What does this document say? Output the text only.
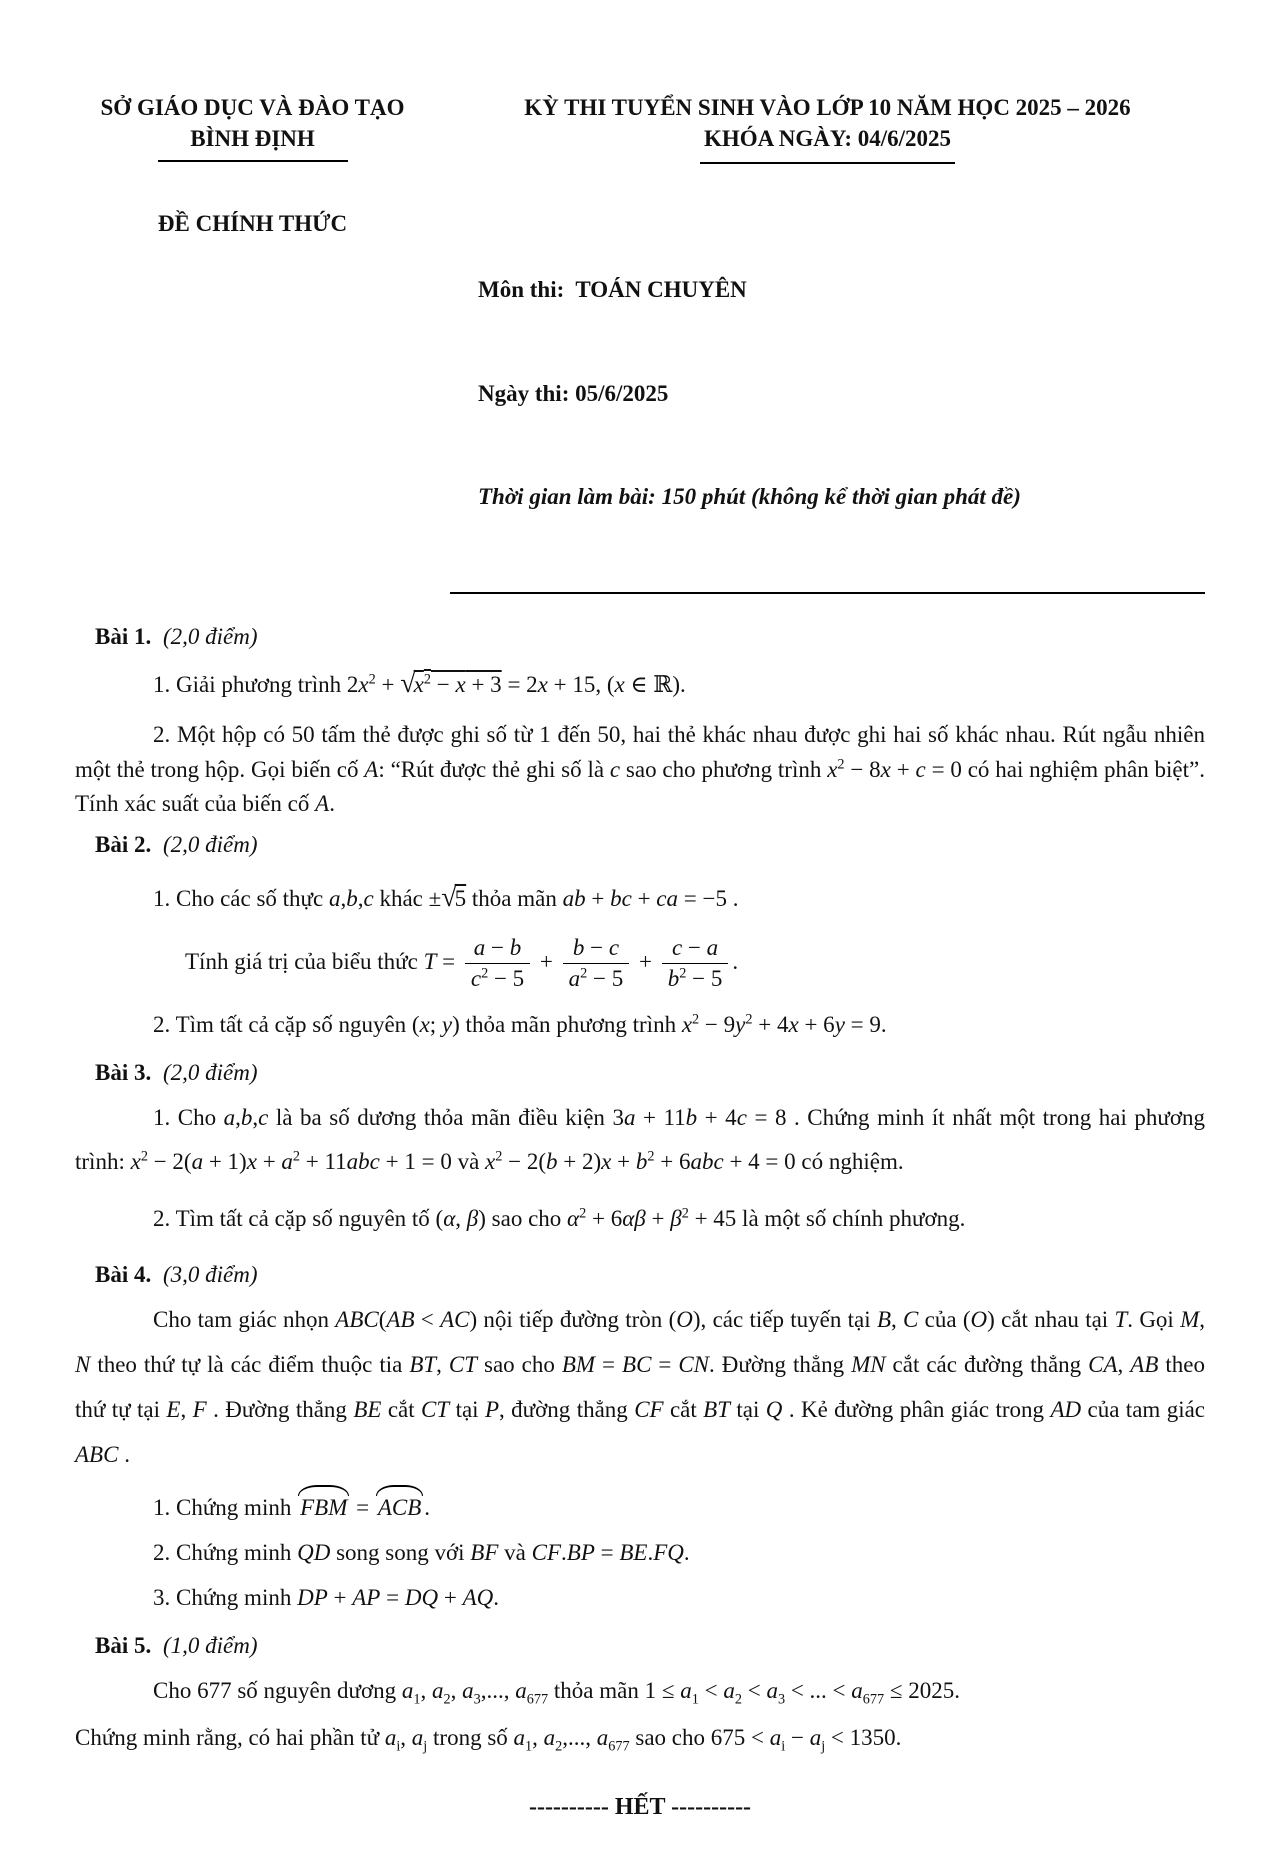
SỞ GIÁO DỤC VÀ ĐÀO TẠO
BÌNH ĐỊNH
ĐỀ CHÍNH THỨC
KỲ THI TUYỂN SINH VÀO LỚP 10 NĂM HỌC 2025 – 2026
KHÓA NGÀY: 04/6/2025

Môn thi:  TOÁN CHUYÊN

Ngày thi: 05/6/2025

Thời gian làm bài: 150 phút (không kể thời gian phát đề)

Bài 1. (2,0 điểm)
1. Giải phương trình $2x^2 + √x^2 - x + 3 = 2x + 15$, (x ∈ ℝ).
2. Một hộp có 50 tấm thẻ được ghi số từ 1 đến 50, hai thẻ khác nhau được ghi hai số khác nhau. Rút ngẫu nhiên một thẻ trong hộp. Gọi biến cố A: “Rút được thẻ ghi số là c sao cho phương trình $x^2 - 8x + c = 0$ có hai nghiệm phân biệt”. Tính xác suất của biến cố A.
Bài 2. (2,0 điểm)
1. Cho các số thực a,b,c khác ±√5 thỏa mãn ab + bc + ca = −5 .
Tính giá trị của biểu thức $T = \frac{a - b}{c^2 - 5} + \frac{b - c}{a^2 - 5} + \frac{c - a}{b^2 - 5}$ .
2. Tìm tất cả cặp số nguyên (x; y) thỏa mãn phương trình $x^2 - 9y^2 + 4x + 6y = 9$.
Bài 3. (2,0 điểm)
1. Cho a,b,c là ba số dương thỏa mãn điều kiện 3a + 11b + 4c = 8 . Chứng minh ít nhất một trong hai phương trình: $x^2 - 2(a + 1)x + a^2 + 11abc + 1 = 0$ và $x^2 - 2(b + 2)x + b^2 + 6abc + 4 = 0$ có nghiệm.
2. Tìm tất cả cặp số nguyên tố (α, β) sao cho $\alpha^2 + 6\alpha\beta + \beta^2 + 45$ là một số chính phương.
Bài 4. (3,0 điểm)
Cho tam giác nhọn ABC(AB < AC) nội tiếp đường tròn (O), các tiếp tuyến tại B, C của (O) cắt nhau tại T. Gọi M, N theo thứ tự là các điểm thuộc tia BT, CT sao cho BM = BC = CN. Đường thẳng MN cắt các đường thẳng CA, AB theo thứ tự tại E, F . Đường thẳng BE cắt CT tại P, đường thẳng CF cắt BT tại Q . Kẻ đường phân giác trong AD của tam giác ABC .
1. Chứng minh FBM = ACB .
2. Chứng minh QD song song với BF và CF.BP = BE.FQ.
3. Chứng minh DP + AP = DQ + AQ.
Bài 5. (1,0 điểm)
Cho 677 số nguyên dương $a_1$, $a_2$, $a_3$,..., $a_{677}$ thỏa mãn $1 \le a_1 < a_2 < a_3$ < ... < $a_{677} \le 2025$.
Chứng minh rằng, có hai phần tử $a_i$, $a_j$ trong số $a_1$, $a_2$,..., $a_{677}$ sao cho $675 < a_i - a_j < 1350$.
---------- HẾT ----------
